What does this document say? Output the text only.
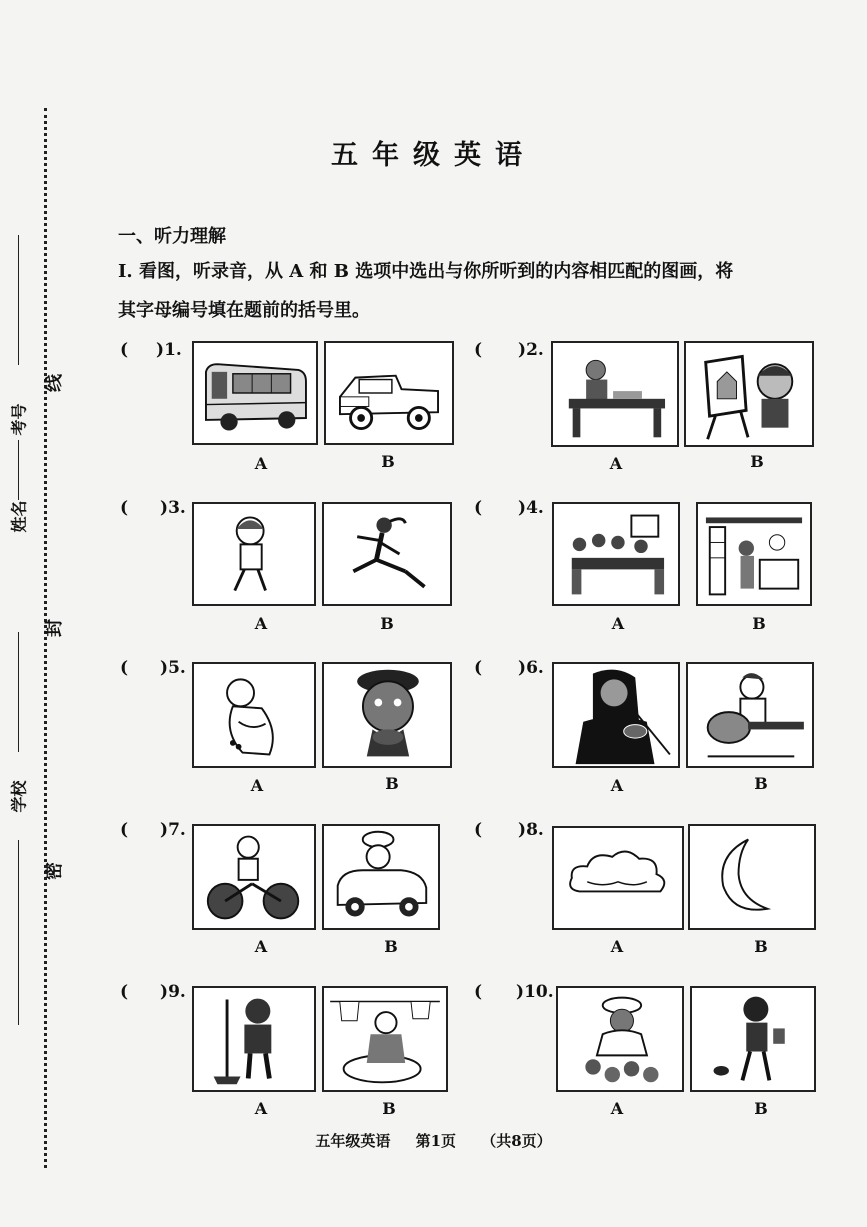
线
封
密
考号
姓名
学校
五年级英语
一、听力理解
I. 看图，听录音，从 A 和 B 选项中选出与你所听到的内容相匹配的图画，将
其字母编号填在题前的括号里。
( )1.
A	B
( )2.
A	B
( )3.
A	B
( )4.
A	B
( )5.
A	B
( )6.
A	B
( )7.
A	B
( )8.
A	B
( )9.
A	B
( )10.
A	B
五年级英语 第1页 （共8页）
